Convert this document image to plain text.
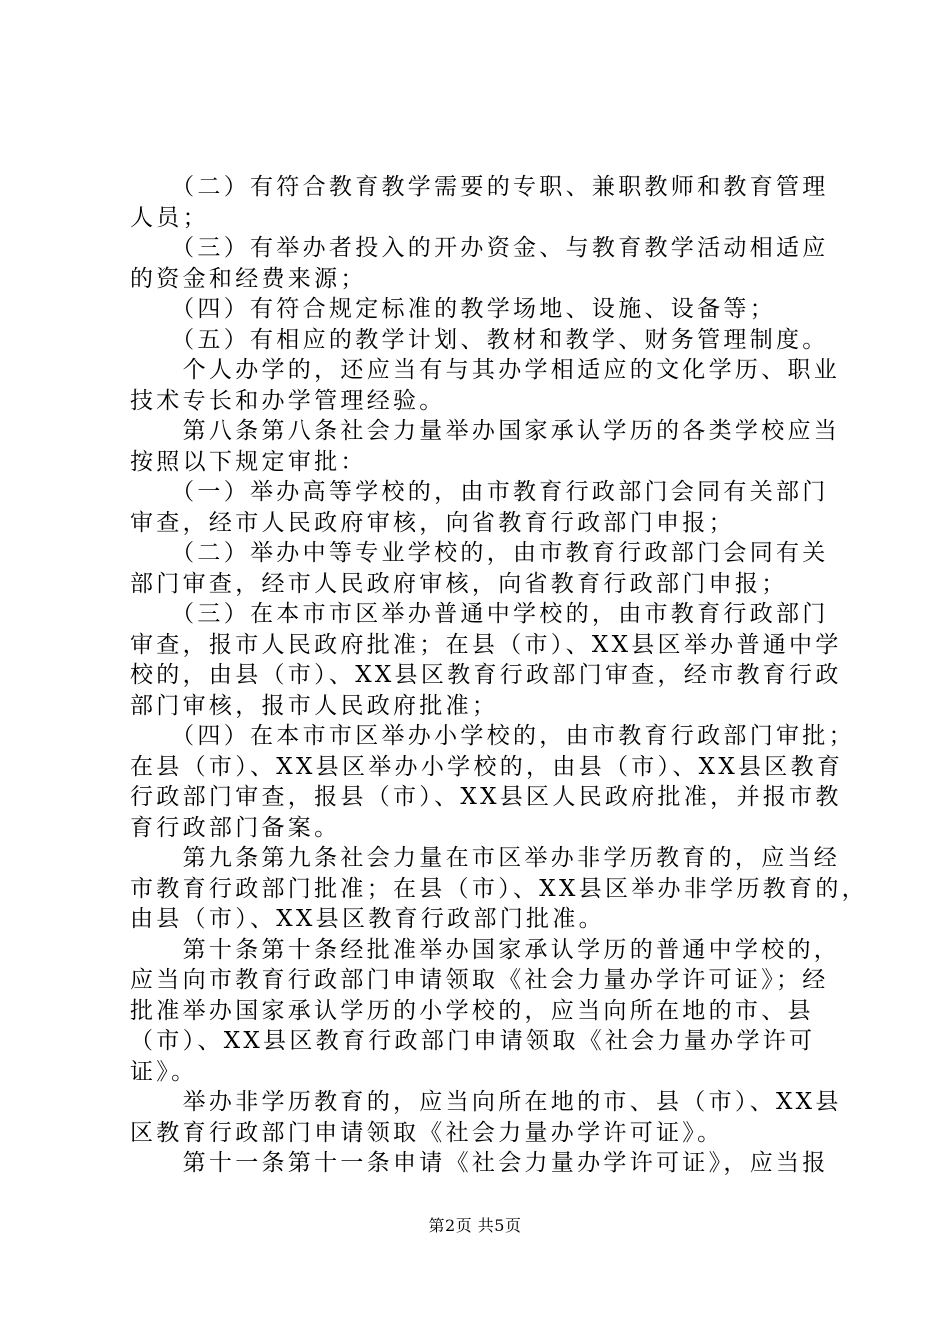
　　（二）有符合教育教学需要的专职、兼职教师和教育管理
人员；
　　（三）有举办者投入的开办资金、与教育教学活动相适应
的资金和经费来源；
　　（四）有符合规定标准的教学场地、设施、设备等；
　　（五）有相应的教学计划、教材和教学、财务管理制度。
　　个人办学的，还应当有与其办学相适应的文化学历、职业
技术专长和办学管理经验。
　　第八条第八条社会力量举办国家承认学历的各类学校应当
按照以下规定审批：
　　（一）举办高等学校的，由市教育行政部门会同有关部门
审查，经市人民政府审核，向省教育行政部门申报；
　　（二）举办中等专业学校的，由市教育行政部门会同有关
部门审查，经市人民政府审核，向省教育行政部门申报；
　　（三）在本市市区举办普通中学校的，由市教育行政部门
审查，报市人民政府批准；在县（市）、XX县区举办普通中学
校的，由县（市）、XX县区教育行政部门审查，经市教育行政
部门审核，报市人民政府批准；
　　（四）在本市市区举办小学校的，由市教育行政部门审批；
在县（市）、XX县区举办小学校的，由县（市）、XX县区教育
行政部门审查，报县（市）、XX县区人民政府批准，并报市教
育行政部门备案。
　　第九条第九条社会力量在市区举办非学历教育的，应当经
市教育行政部门批准；在县（市）、XX县区举办非学历教育的，
由县（市）、XX县区教育行政部门批准。
　　第十条第十条经批准举办国家承认学历的普通中学校的，
应当向市教育行政部门申请领取《社会力量办学许可证》；经
批准举办国家承认学历的小学校的，应当向所在地的市、县
（市）、XX县区教育行政部门申请领取《社会力量办学许可
证》。
　　举办非学历教育的，应当向所在地的市、县（市）、XX县
区教育行政部门申请领取《社会力量办学许可证》。
　　第十一条第十一条申请《社会力量办学许可证》，应当报
第2页 共5页
